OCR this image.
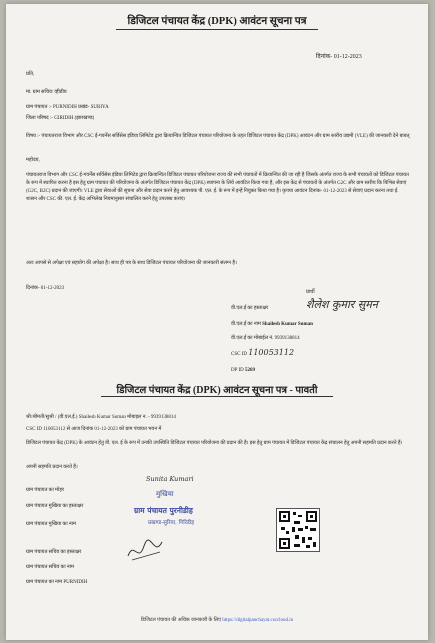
डिजिटल पंचायत केंद्र (DPK) आवंटन सूचना पत्र
दिनांक- 01-12-2023
प्रति,
मा. ग्राम सचिव/ व्हीडीय
ग्राम पंचायत :- PURNIDIH प्रखंड- SURIYA
जिला परिषद :- GIRIDIH (झारखण्ड)
विषय :- पंचायतराज विभाग और CSC ई-गवर्नेंस सर्विसेस इंडिया लिमिटेड द्वारा क्रियान्वित डिजिटल पंचायत परियोजना के तहत डिजिटल पंचायत केंद्र (DPK) आवंटन और ग्राम स्तरीय उद्यमी (VLE) की जानकारी देने बाबत्
महोदय,
पंचायतराज विभाग और CSC ई-गवर्नेंस सर्विसेस इंडिया लिमिटेड द्वारा क्रियान्वित डिजिटल पंचायत परियोजना राज्य की सभी पंचायतों में क्रियान्वित की जा रही है जिसके अंतर्गत राज्य के सभी पंचायतों को डिजिटल पंचायत के रूप में स्थापित करना है इस हेतु ग्राम पंचायत की परियोजना के अंतर्गत डिजिटल पंचायत केंद्र (DPK) स्थापना के लिये आवंटित किया गया है, और इस केंद्र से पंचायतों के अंतर्गत G2C और ग्राम स्तरीय कि विभिन्न सेवाएं (G2C, B2C) प्रदान की जाएगी। VLE द्वारा सेवाओं की सूचना और सेवा प्रदान करने हेतु आवश्यक पी. एल. ई. के रूप में इन्हें नियुक्त किया गया है। कृपया आवंटन दिनांक- 01-12-2023 से सेवाएं प्रदान करना तथा ई. शासन और CSC की. एल. ई. केंद्र अभिलेख नियमानुसार संचालित करने हेतु उपलब्ध कराएं।
अतः आपसे से अपेक्षा एवं सहयोग की अपेक्षा है। साथ ही पत्र के साथ डिजिटल पंचायत परियोजना की जानकारी संलग्न है।
दिनांक- 01-12-2023
प्रार्थी
वी.एल.ई का हस्ताक्षर	शैलेश कुमार सुमन
वी.एल.ई का नाम Shailesh Kumar Suman
वी.एल.ई का मोबाईल नं. 9939138814
CSC ID 110053112
DP ID 5269
डिजिटल पंचायत केंद्र (DPK) आवंटन सूचना पत्र - पावती
श्री/श्रीमती/सुश्री / (वी.एल.ई.) Shailesh Kumar Suman मोबाइल न. - 9939138814
CSC ID 110053112 से आज दिनांक 01-12-2023 को ग्राम पंचायत भवन में
डिजिटल पंचायत केंद्र (DPK) के आवंटन हेतु वी. एल. ई के रूप में उनकी उपस्थिति डिजिटल पंचायत परियोजना की प्रदान की है। इस हेतु ग्राम पंचायत में डिजिटल पंचायत केंद्र संचालन हेतु अपनी सहमति प्रदान करते हैं।
अपनी सहमति प्रदान करते हैं।
Sunita Kumari
ग्राम पंचायत का मोहर
ग्राम पंचायत मुखिया का हस्ताक्षर
ग्राम पंचायत मुखिया का नाम
मुखिया
ग्राम पंचायत पुरनीडीह
प्रखण्ड-सुरिया, गिरिडीह
ग्राम पंचायत सचिव का हस्ताक्षर
ग्राम पंचायत सचिव का नाम
ग्राम पंचायत का नाम PURNIDIH
डिजिटल पंचायत की अधिक जानकारी के लिए https://digitalpanchayat.csccloud.in
